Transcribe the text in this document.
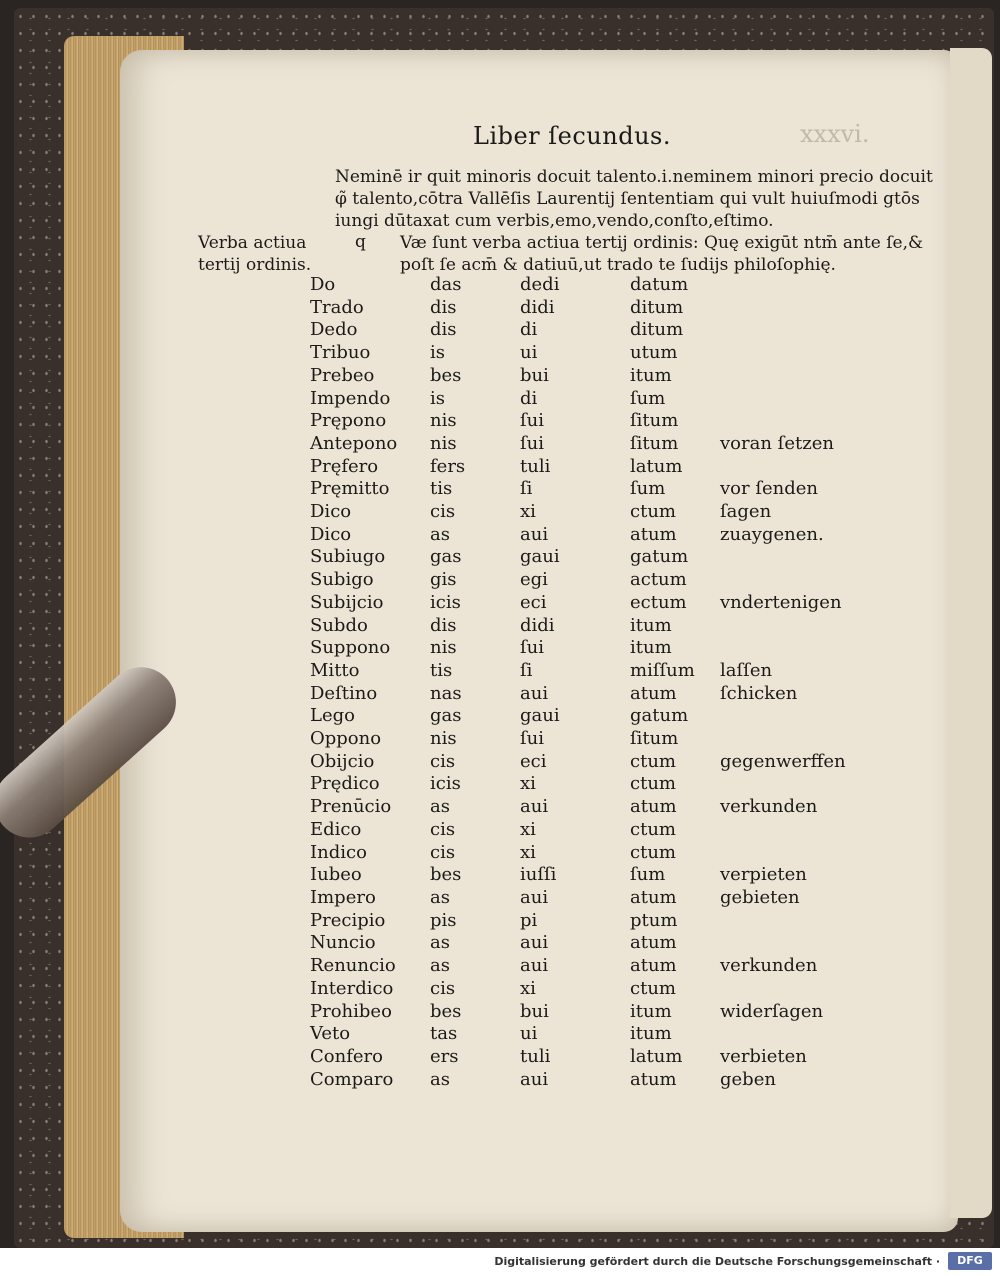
xxxvi.
Liber ſecundus.
Neminē ir quit minoris docuit talento.i.neminem minori precio docuit
φ̃ talento,cōtra Vallēſis Laurentij ſententiam qui vult huiuſmodi gtōs
iungi dūtaxat cum verbis,emo,vendo,conſto,eſtimo.
Verba actiua
tertij ordinis.
q Væ ſunt verba actiua tertij ordinis: Quę exigūt ntm̄ ante ſe,&
poſt ſe acm̄ & datiuū,ut trado te ſudijs philoſophię.
Do	das	dedi	datum	
Trado	dis	didi	ditum	
Dedo	dis	di	ditum	
Tribuo	is	ui	utum	
Prebeo	bes	bui	itum	
Impendo	is	di	ſum	
Prępono	nis	ſui	ſitum	
Antepono	nis	ſui	ſitum	voran ſetzen
Pręfero	fers	tuli	latum	
Pręmitto	tis	ſi	ſum	vor ſenden
Dico	cis	xi	ctum	ſagen
Dico	as	aui	atum	zuaygenen.
Subiugo	gas	gaui	gatum	
Subigo	gis	egi	actum	
Subijcio	icis	eci	ectum	vndertenigen
Subdo	dis	didi	itum	
Suppono	nis	ſui	itum	
Mitto	tis	ſi	miſſum	laſſen
Deſtino	nas	aui	atum	ſchicken
Lego	gas	gaui	gatum	
Oppono	nis	ſui	ſitum	
Obijcio	cis	eci	ctum	gegenwerffen
Prędico	icis	xi	ctum	
Prenūcio	as	aui	atum	verkunden
Edico	cis	xi	ctum	
Indico	cis	xi	ctum	
Iubeo	bes	iuſſi	ſum	verpieten
Impero	as	aui	atum	gebieten
Precipio	pis	pi	ptum	
Nuncio	as	aui	atum	
Renuncio	as	aui	atum	verkunden
Interdico	cis	xi	ctum	
Prohibeo	bes	bui	itum	widerſagen
Veto	tas	ui	itum	
Confero	ers	tuli	latum	verbieten
Comparo	as	aui	atum	geben
Digitalisierung gefördert durch die Deutsche Forschungsgemeinschaft ·	DFG
